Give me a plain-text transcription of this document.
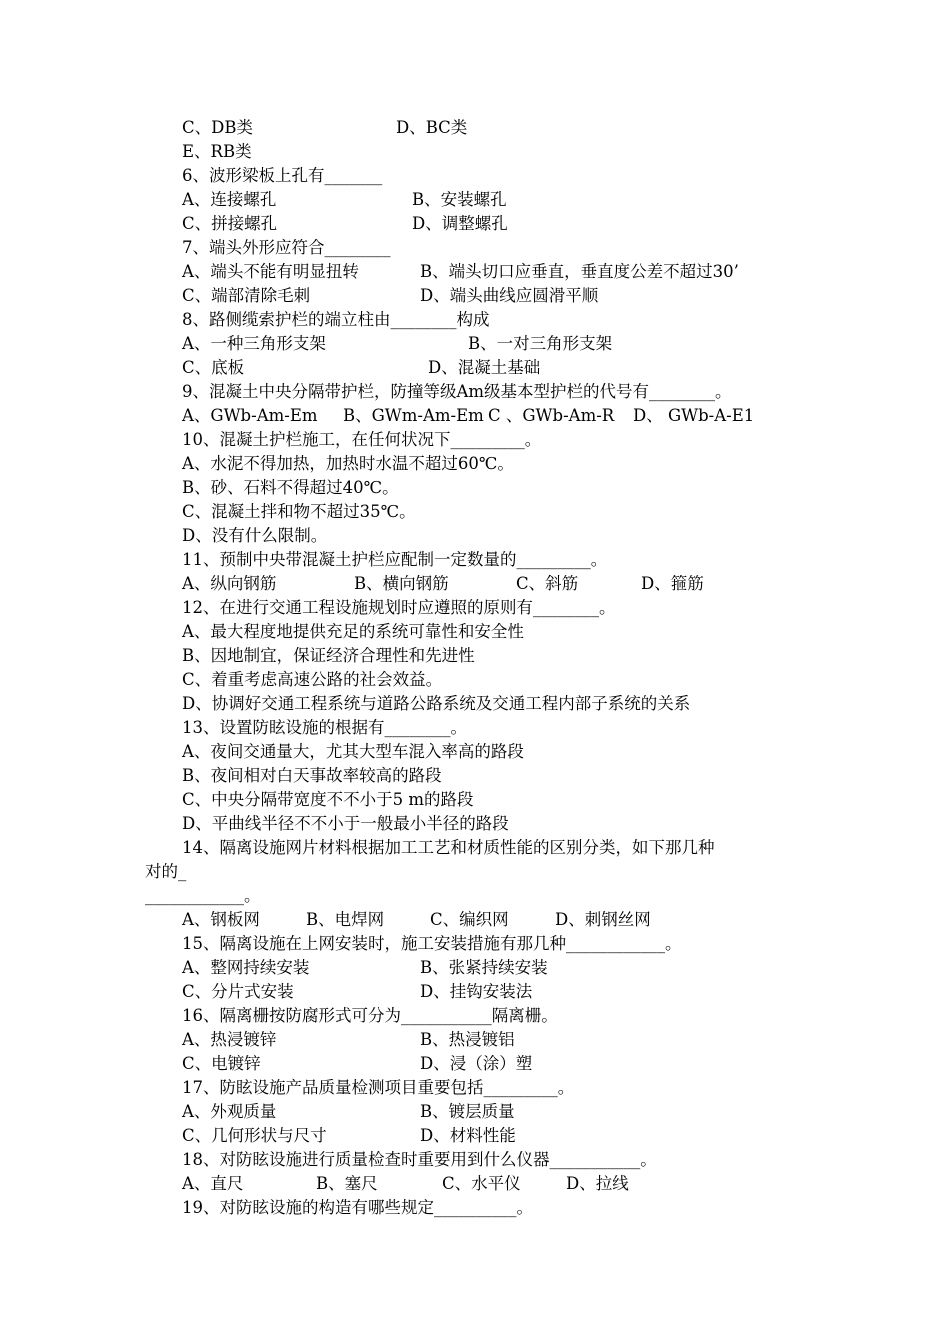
C、DB类	D、BC类
E、RB类
6、波形梁板上孔有_______
A、连接螺孔	B、安装螺孔
C、拼接螺孔	D、调整螺孔
7、端头外形应符合________
A、端头不能有明显扭转	B、端头切口应垂直，垂直度公差不超过30’
C、端部清除毛刺	D、端头曲线应圆滑平顺
8、路侧缆索护栏的端立柱由________构成
A、一种三角形支架	B、一对三角形支架
C、底板	D、混凝土基础
9、混凝土中央分隔带护栏，防撞等级Am级基本型护栏的代号有________。
A、GWb-Am-Em B、GWm-Am-Em C 、GWb-Am-R D、 GWb-A-E1
10、混凝土护栏施工，在任何状况下_________。
A、水泥不得加热，加热时水温不超过60℃。
B、砂、石料不得超过40℃。
C、混凝土拌和物不超过35℃。
D、没有什么限制。
11、预制中央带混凝土护栏应配制一定数量的_________。
A、纵向钢筋	B、横向钢筋	C、斜筋	D、箍筋
12、在进行交通工程设施规划时应遵照的原则有________。
A、最大程度地提供充足的系统可靠性和安全性
B、因地制宜，保证经济合理性和先进性
C、着重考虑高速公路的社会效益。
D、协调好交通工程系统与道路公路系统及交通工程内部子系统的关系
13、设置防眩设施的根据有________。
A、夜间交通量大，尤其大型车混入率高的路段
B、夜间相对白天事故率较高的路段
C、中央分隔带宽度不不小于5 m的路段
D、平曲线半径不不小于一般最小半径的路段
14、隔离设施网片材料根据加工工艺和材质性能的区别分类，如下那几种
对的_
____________。
A、钢板网	B、电焊网	C、编织网	D、刺钢丝网
15、隔离设施在上网安装时，施工安装措施有那几种____________。
A、整网持续安装	B、张紧持续安装
C、分片式安装	D、挂钩安装法
16、隔离栅按防腐形式可分为___________隔离栅。
A、热浸镀锌	B、热浸镀铝
C、电镀锌	D、浸（涂）塑
17、防眩设施产品质量检测项目重要包括_________。
A、外观质量	B、镀层质量
C、几何形状与尺寸	D、材料性能
18、对防眩设施进行质量检查时重要用到什么仪器___________。
A、直尺	B、塞尺	C、水平仪	D、拉线
19、对防眩设施的构造有哪些规定__________。
